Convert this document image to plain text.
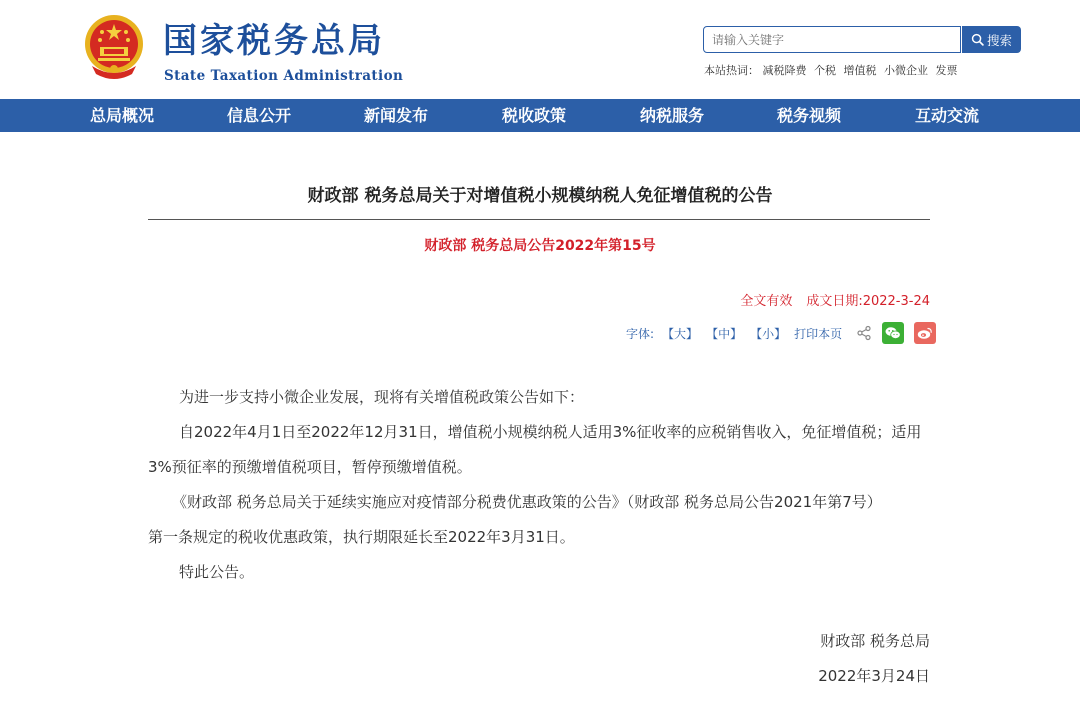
国家税务总局
State Taxation Administration
请输入关键字
搜索
本站热词： 减税降费 个税 增值税 小微企业 发票
总局概况	信息公开	新闻发布	税收政策	纳税服务	税务视频	互动交流
财政部 税务总局关于对增值税小规模纳税人免征增值税的公告
财政部 税务总局公告2022年第15号
全文有效 成文日期:2022-3-24
字体: 【大】 【中】 【小】 打印本页
为进一步支持小微企业发展，现将有关增值税政策公告如下：
自2022年4月1日至2022年12月31日，增值税小规模纳税人适用3%征收率的应税销售收入，免征增值税；适用
3%预征率的预缴增值税项目，暂停预缴增值税。
《财政部 税务总局关于延续实施应对疫情部分税费优惠政策的公告》（财政部 税务总局公告2021年第7号）
第一条规定的税收优惠政策，执行期限延长至2022年3月31日。
特此公告。
财政部 税务总局
2022年3月24日
